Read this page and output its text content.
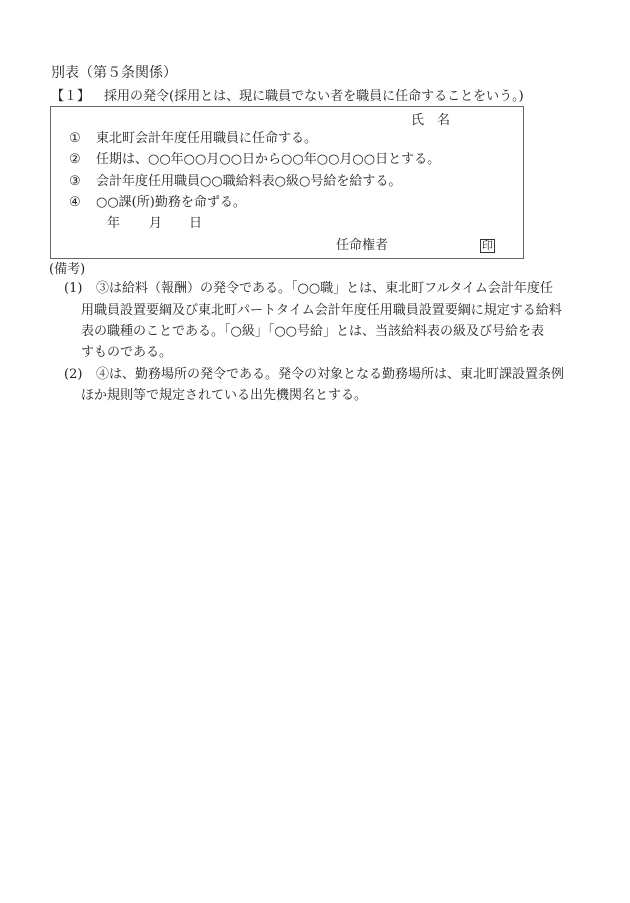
別表（第５条関係）
【１】 採用の発令(採用とは、現に職員でない者を職員に任命することをいう。)
氏　名
① 東北町会計年度任用職員に任命する。
② 任期は、○○年○○月○○日から○○年○○月○○日とする。
③ 会計年度任用職員○○職給料表○級○号給を給する。
④ ○○課(所)勤務を命ずる。
年 月 日
任命権者	印
(備考)
(1) ③は給料（報酬）の発令である。「○○職」とは、東北町フルタイム会計年度任
用職員設置要綱及び東北町パートタイム会計年度任用職員設置要綱に規定する給料
表の職種のことである。「○級」「○○号給」とは、当該給料表の級及び号給を表
すものである。
(2) ④は、勤務場所の発令である。発令の対象となる勤務場所は、東北町課設置条例
ほか規則等で規定されている出先機関名とする。
